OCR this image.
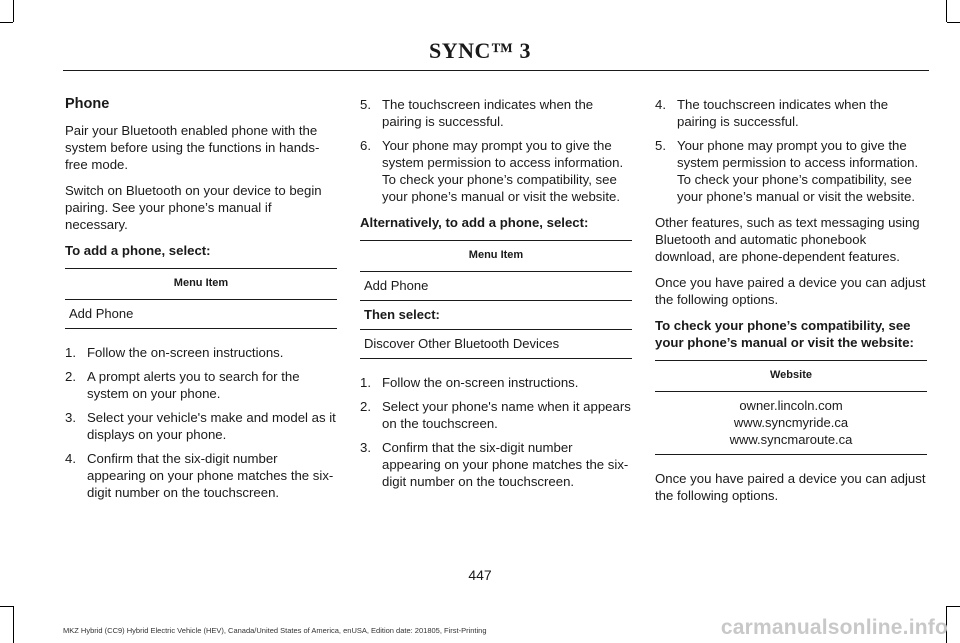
SYNC™ 3

Phone

Pair your Bluetooth enabled phone with the system before using the functions in hands-free mode.

Switch on Bluetooth on your device to begin pairing. See your phone’s manual if necessary.

To add a phone, select:

Menu Item
Add Phone
1. Follow the on-screen instructions.
2. A prompt alerts you to search for the system on your phone.
3. Select your vehicle's make and model as it displays on your phone.
4. Confirm that the six-digit number appearing on your phone matches the six-digit number on the touchscreen.
5. The touchscreen indicates when the pairing is successful.
6. Your phone may prompt you to give the system permission to access information. To check your phone’s compatibility, see your phone’s manual or visit the website.

Alternatively, to add a phone, select:

Menu Item
Add Phone
Then select:
Discover Other Bluetooth Devices
1. Follow the on-screen instructions.
2. Select your phone's name when it appears on the touchscreen.
3. Confirm that the six-digit number appearing on your phone matches the six-digit number on the touchscreen.
4. The touchscreen indicates when the pairing is successful.
5. Your phone may prompt you to give the system permission to access information. To check your phone’s compatibility, see your phone’s manual or visit the website.

Other features, such as text messaging using Bluetooth and automatic phonebook download, are phone-dependent features.

Once you have paired a device you can adjust the following options.

To check your phone’s compatibility, see your phone’s manual or visit the website:

Website

owner.lincoln.com
www.syncmyride.ca
www.syncmaroute.ca

Once you have paired a device you can adjust the following options.

447
MKZ Hybrid (CC9) Hybrid Electric Vehicle (HEV), Canada/United States of America, enUSA, Edition date: 201805, First-Printing	carmanualsonline.info
